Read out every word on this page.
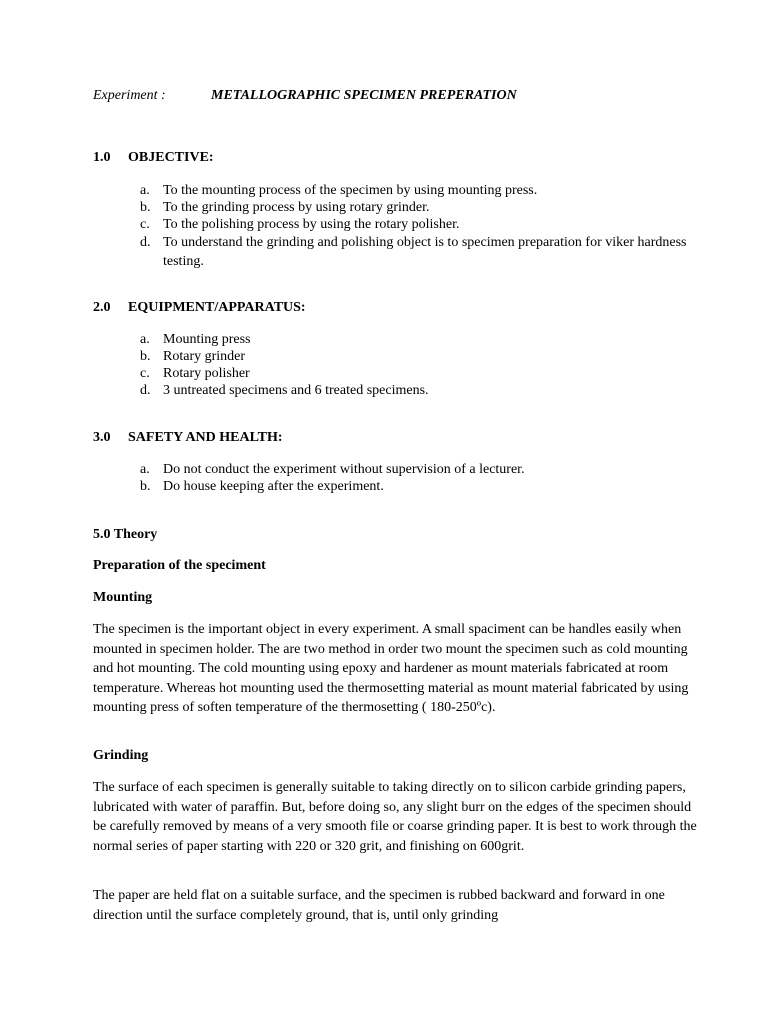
Experiment :	METALLOGRAPHIC SPECIMEN PREPERATION
1.0 OBJECTIVE:
a. To the mounting process of the specimen by using mounting press.
b. To the grinding process by using rotary grinder.
c. To the polishing process by using the rotary polisher.
d. To understand the grinding and polishing object is to specimen preparation for viker hardness testing.
2.0 EQUIPMENT/APPARATUS:
a. Mounting press
b. Rotary grinder
c. Rotary polisher
d. 3 untreated specimens and 6 treated specimens.
3.0 SAFETY AND HEALTH:
a. Do not conduct the experiment without supervision of a lecturer.
b. Do house keeping after the experiment.
5.0 Theory
Preparation of the speciment
Mounting

The specimen is the important object in every experiment. A small spaciment can be handles easily when mounted in specimen holder. The are two method in order two mount the specimen such as cold mounting and hot mounting. The cold mounting using epoxy and hardener as mount materials fabricated at room temperature. Whereas hot mounting used the thermosetting material as mount material fabricated by using mounting press of soften temperature of the thermosetting ( 180-250ºc).

Grinding

The surface of each specimen is generally suitable to taking directly on to silicon carbide grinding papers, lubricated with water of paraffin. But, before doing so, any slight burr on the edges of the specimen should be carefully removed by means of a very smooth file or coarse grinding paper. It is best to work through the normal series of paper starting with 220 or 320 grit, and finishing on 600grit.

The paper are held flat on a suitable surface, and the specimen is rubbed backward and forward in one direction until the surface completely ground, that is, until only grinding
